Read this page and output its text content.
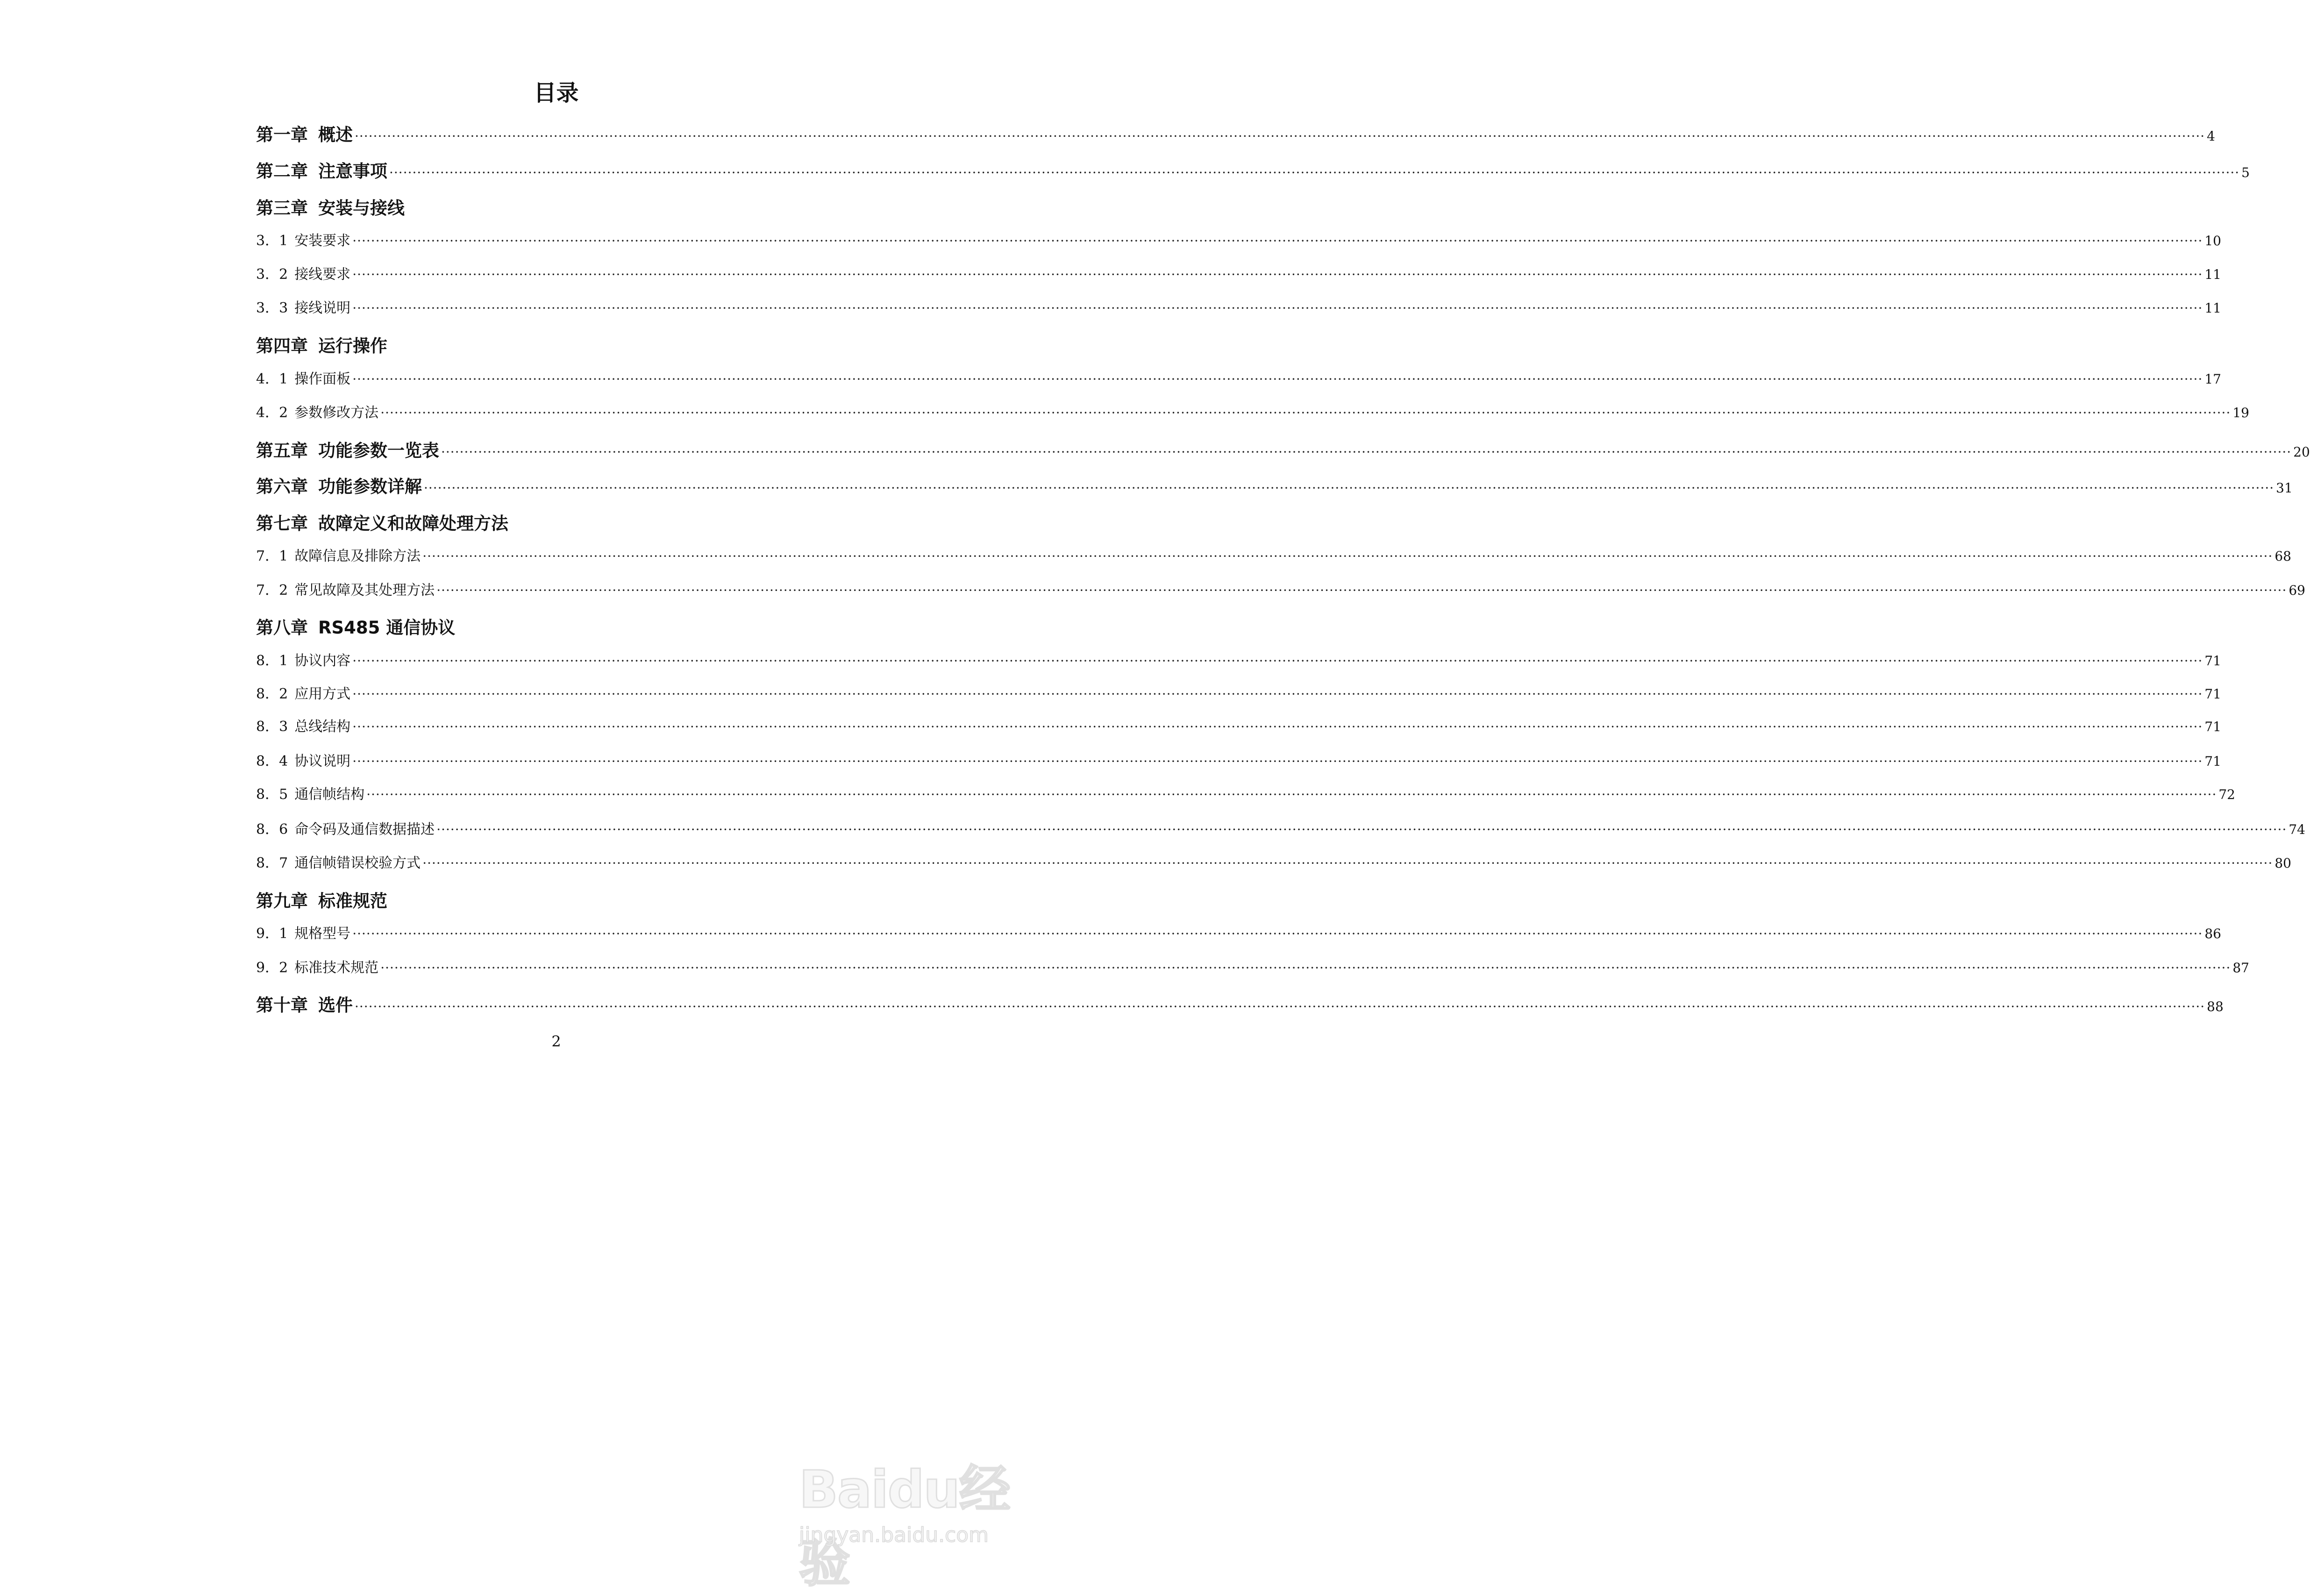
目录
第一章 概述 ················································································································································································································································································································································································································ 4
第二章 注意事项 ················································································································································································································································································································································································································ 5
第三章 安装与接线
3．1 安装要求 ················································································································································································································································································································································································································ 10
3．2 接线要求 ················································································································································································································································································································································································································ 11
3．3 接线说明 ················································································································································································································································································································································································································ 11
第四章 运行操作
4．1 操作面板 ················································································································································································································································································································································································································ 17
4．2 参数修改方法 ················································································································································································································································································································································································································ 19
第五章 功能参数一览表 ················································································································································································································································································································································································································ 20
第六章 功能参数详解 ················································································································································································································································································································································································································ 31
第七章 故障定义和故障处理方法
7．1 故障信息及排除方法 ················································································································································································································································································································································································································ 68
7．2 常见故障及其处理方法 ················································································································································································································································································································································································································ 69
第八章 RS485 通信协议
8．1 协议内容 ················································································································································································································································································································································································································ 71
8．2 应用方式 ················································································································································································································································································································································································································ 71
8．3 总线结构 ················································································································································································································································································································································································································ 71
8．4 协议说明 ················································································································································································································································································································································································································ 71
8．5 通信帧结构 ················································································································································································································································································································································································································ 72
8．6 命令码及通信数据描述 ················································································································································································································································································································································································································ 74
8．7 通信帧错误校验方式 ················································································································································································································································································································································································································ 80
第九章 标准规范
9．1 规格型号 ················································································································································································································································································································································································································ 86
9．2 标准技术规范 ················································································································································································································································································································································································································ 87
第十章 选件 ················································································································································································································································································································································································································ 88
2
Baidu经验
jingyan.baidu.com
